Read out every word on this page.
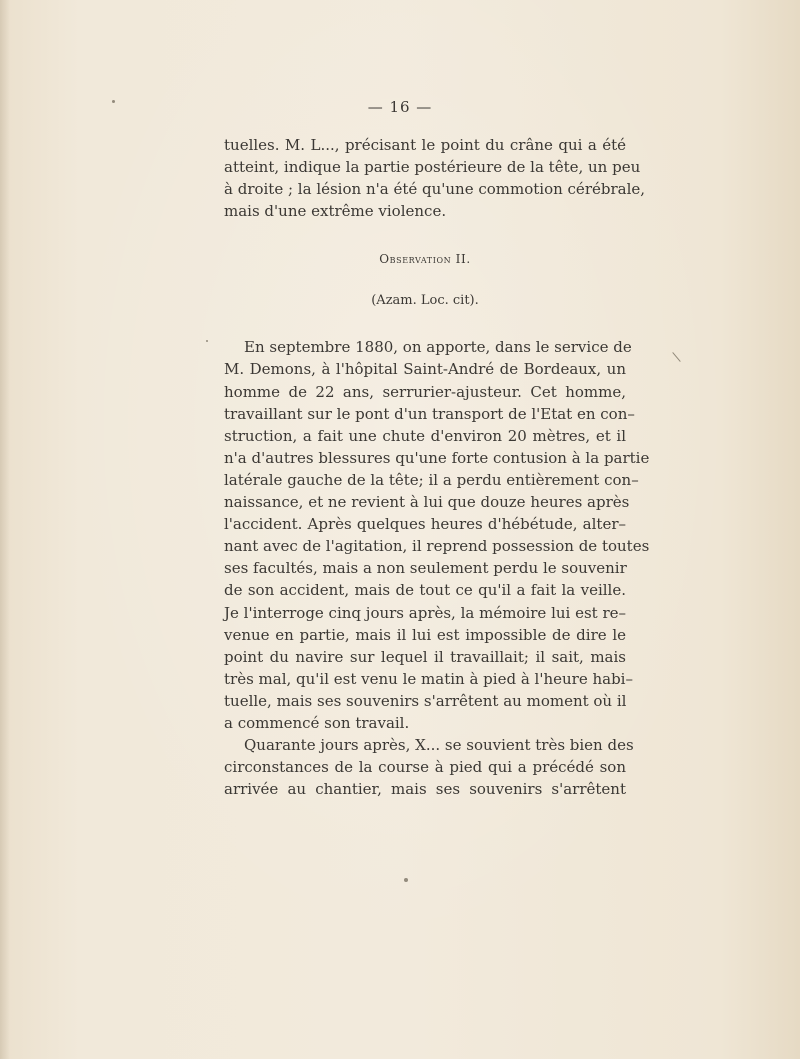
— 16 —

tuelles. M. L..., précisant le point du crâne qui a été
atteint, indique la partie postérieure de la tête, un peu
à droite ; la lésion n'a été qu'une commotion cérébrale,
mais d'une extrême violence.

Observation II.

(Azam. Loc. cit).

En septembre 1880, on apporte, dans le service de
M. Demons, à l'hôpital Saint-André de Bordeaux, un
homme de 22 ans, serrurier-ajusteur. Cet homme,
travaillant sur le pont d'un transport de l'Etat en con–
struction, a fait une chute d'environ 20 mètres, et il
n'a d'autres blessures qu'une forte contusion à la partie
latérale gauche de la tête; il a perdu entièrement con–
naissance, et ne revient à lui que douze heures après
l'accident. Après quelques heures d'hébétude, alter–
nant avec de l'agitation, il reprend possession de toutes
ses facultés, mais a non seulement perdu le souvenir
de son accident, mais de tout ce qu'il a fait la veille.
Je l'interroge cinq jours après, la mémoire lui est re–
venue en partie, mais il lui est impossible de dire le
point du navire sur lequel il travaillait; il sait, mais
très mal, qu'il est venu le matin à pied à l'heure habi–
tuelle, mais ses souvenirs s'arrêtent au moment où il
a commencé son travail.

Quarante jours après, X... se souvient très bien des
circonstances de la course à pied qui a précédé son
arrivée au chantier, mais ses souvenirs s'arrêtent
